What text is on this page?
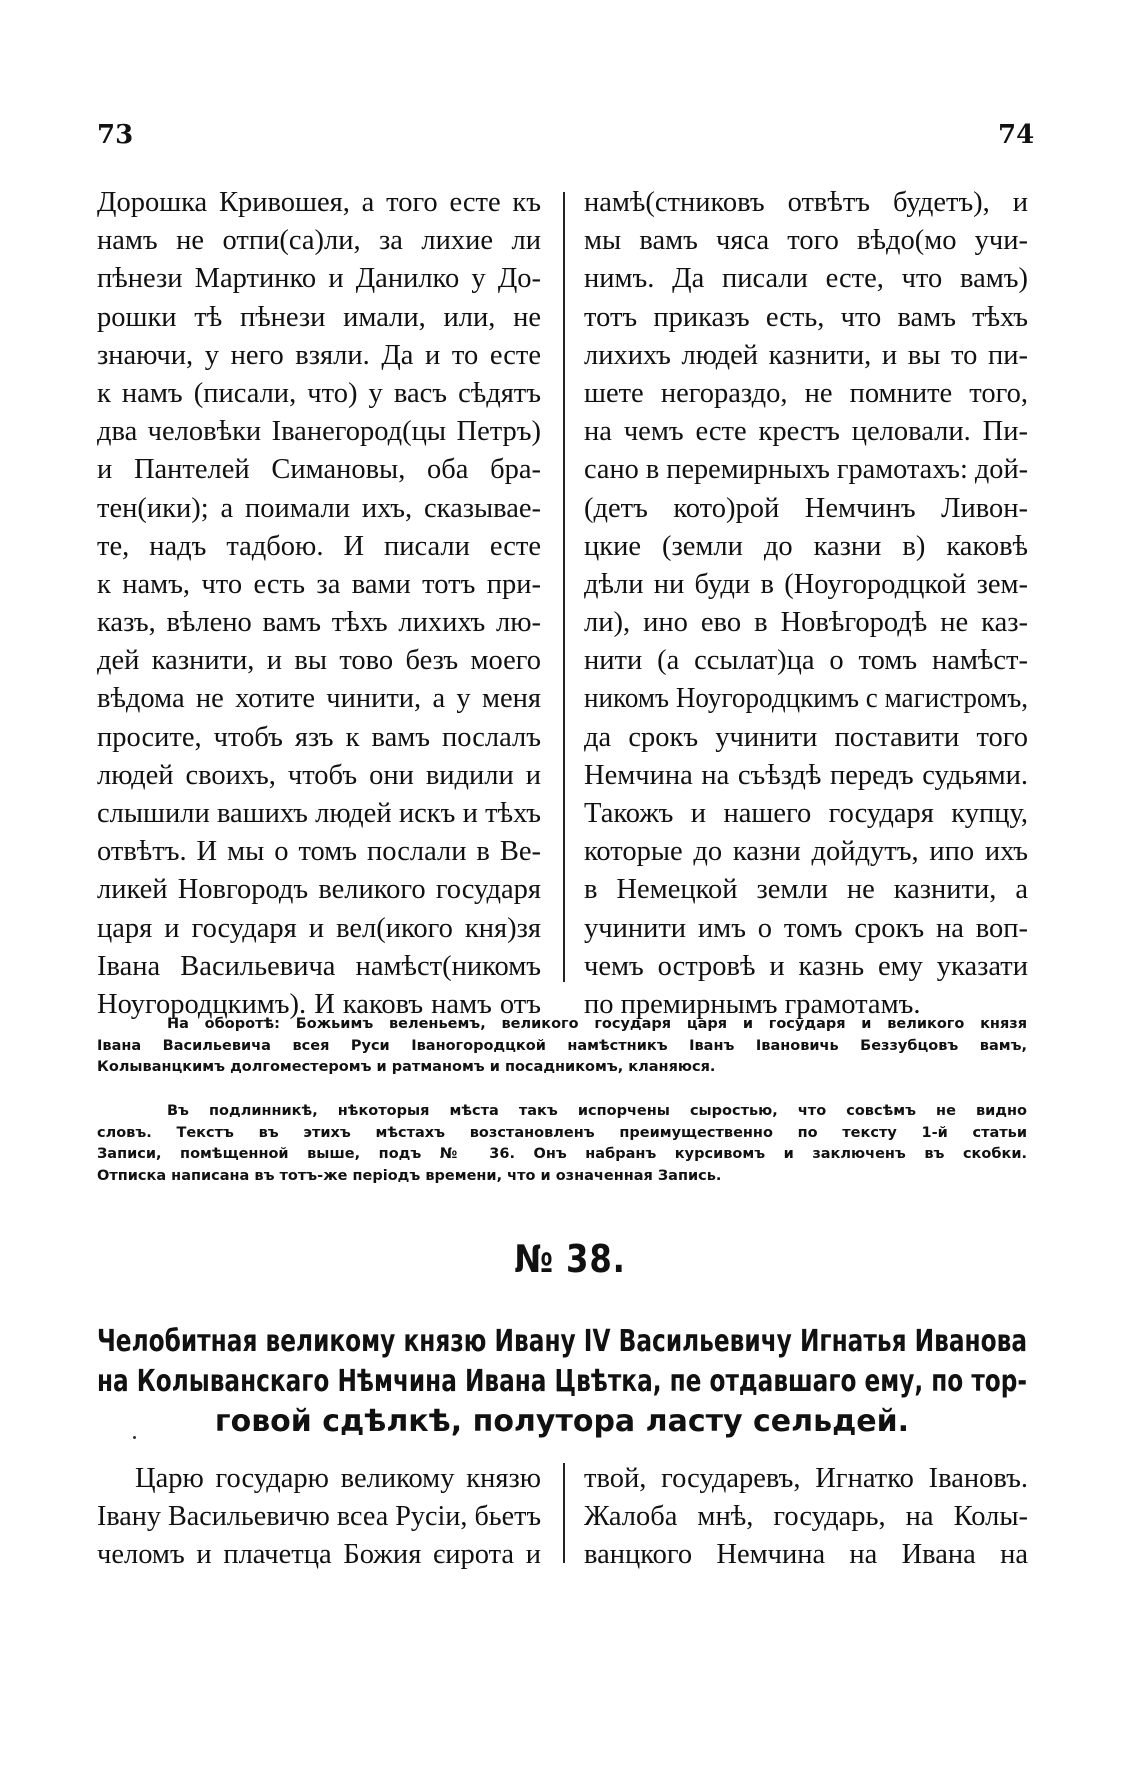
73	74
Дорошка Кривошея, а того есте къ
намъ не отпи(са)ли, за лихие ли
пѣнези Мартинко и Данилко у До-
рошки тѣ пѣнези имали, или, не
знаючи, у него взяли. Да и то есте
к намъ (писали, что) у васъ сѣдятъ
два человѣки Іванегород(цы Петръ)
и Пантелей Симановы, оба бра-
тен(ики); а поимали ихъ, сказывае-
те, надъ тадбою. И писали есте
к намъ, что есть за вами тотъ при-
казъ, вѣлено вамъ тѣхъ лихихъ лю-
дей казнити, и вы тово безъ моего
вѣдома не хотите чинити, а у меня
просите, чтобъ язъ к вамъ послалъ
людей своихъ, чтобъ они видили и
слышили вашихъ людей искъ и тѣхъ
отвѣтъ. И мы о томъ послали в Ве-
ликей Новгородъ великого государя
царя и государя и вел(икого кня)зя
Івана Васильевича намѣст(никомъ
Ноугородцкимъ). И каковъ намъ отъ
намѣ(стниковъ отвѣтъ будетъ), и
мы вамъ чяса того вѣдо(мо учи-
нимъ. Да писали есте, что вамъ)
тотъ приказъ есть, что вамъ тѣхъ
лихихъ людей казнити, и вы то пи-
шете негораздо, не помните того,
на чемъ есте крестъ целовали. Пи-
сано в перемирныхъ грамотахъ: дой-
(детъ кото)рой Немчинъ Ливон-
цкие (земли до казни в) каковѣ
дѣли ни буди в (Ноугородцкой зем-
ли), ино ево в Новѣгородѣ не каз-
нити (а ссылат)ца о томъ намѣст-
никомъ Ноугородцкимъ с магистромъ,
да срокъ учинити поставити того
Немчина на съѣздѣ передъ судьями.
Такожъ и нашего государя купцу,
которые до казни дойдутъ, ипо ихъ
в Немецкой земли не казнити, а
учинити имъ о томъ срокъ на воп-
чемъ островѣ и казнь ему указати
по премирнымъ грамотамъ.
На оборотѣ: Божьимъ веленьемъ, великого государя царя и государя и великого князя
Івана Васильевича всея Руси Іваногородцкой намѣстникъ Іванъ Івановичь Беззубцовъ вамъ,
Колыванцкимъ долгоместеромъ и ратманомъ и посадникомъ, кланяюся.
Въ подлинникѣ, нѣкоторыя мѣста такъ испорчены сыростью, что совсѣмъ не видно
словъ. Текстъ въ этихъ мѣстахъ возстановленъ преимущественно по тексту 1-й статьи
Записи, помѣщенной выше, подъ № 36. Онъ набранъ курсивомъ и заключенъ въ скобки.
Отписка написана въ тотъ-же періодъ времени, что и означенная Запись.
№ 38.
Челобитная великому князю Ивану IV Васильевичу Игнатья Иванова
на Колыванскаго Нѣмчина Ивана Цвѣтка, пе отдавшаго ему, по тор-
говой сдѣлкѣ, полутора ласту сельдей.
Царю государю великому князю
Івану Васильевичю всеа Русіи, бьетъ
челомъ и плачетца Божия єирота и
твой, государевъ, Игнатко Івановъ.
Жалоба мнѣ, государь, на Колы-
ванцкого Немчина на Ивана на
